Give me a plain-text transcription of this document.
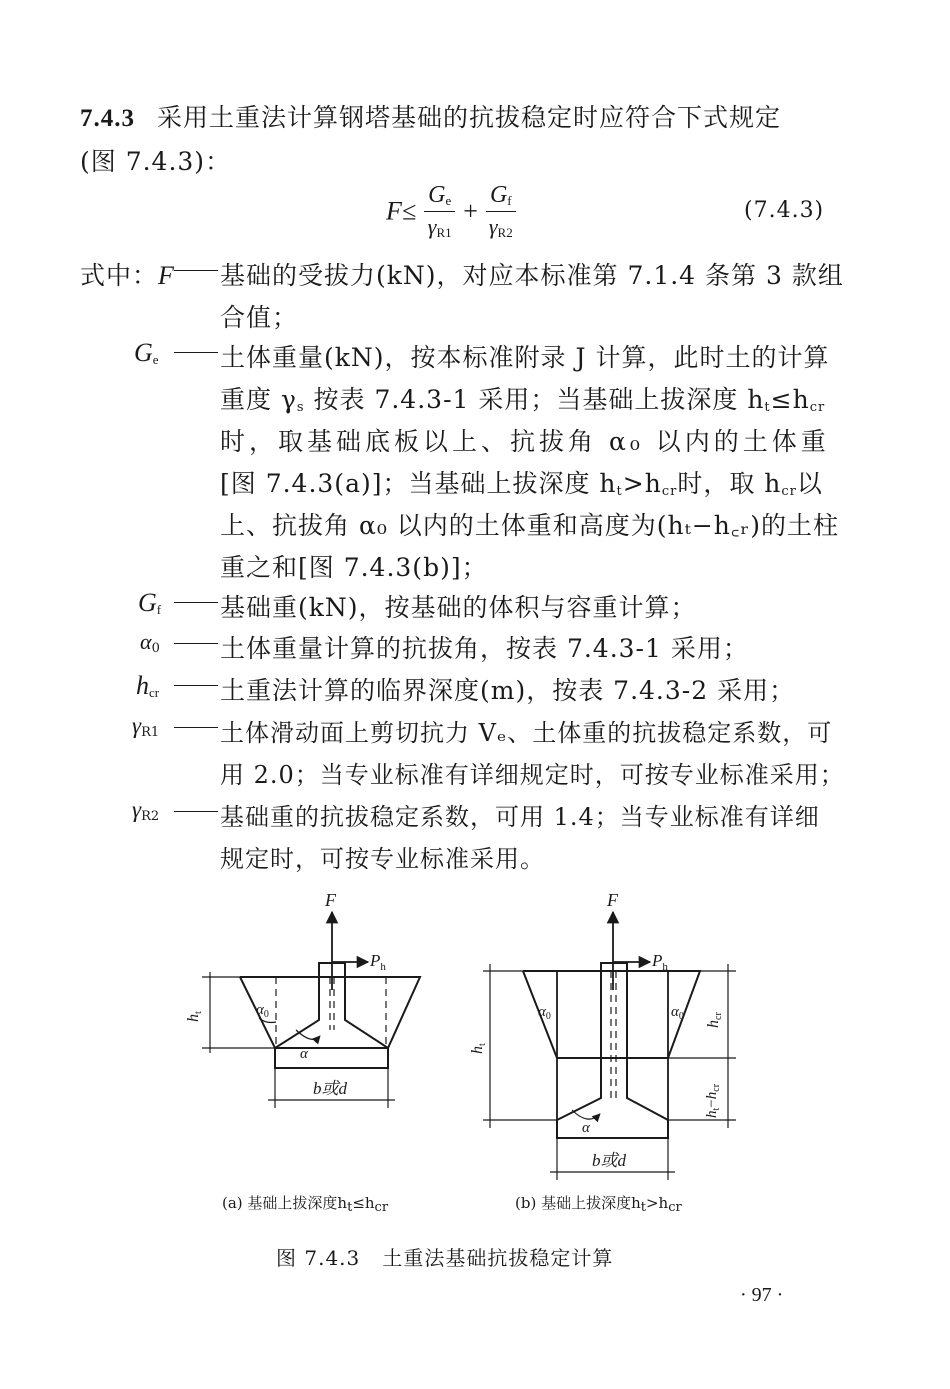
7.4.3 采用土重法计算钢塔基础的抗拔稳定时应符合下式规定
(图 7.4.3)：
$F\le \frac{G_e}{\gamma_{R1}} + \frac{G_f}{\gamma_{R2}}$	(7.4.3)
式中：F 基础的受拔力(kN)，对应本标准第 7.1.4 条第 3 款组
合值；
$G_e$ 土体重量(kN)，按本标准附录 J 计算，此时土的计算
重度 $\gamma_s$ 按表 7.4.3-1 采用；当基础上拔深度 $h_t\le h_{cr}$
时，取基础底板以上、抗拔角 α₀ 以内的土体重
[图 7.4.3(a)]；当基础上拔深度 $h_t>h_{cr}$时，取 $h_{cr}$以
上、抗拔角 α₀ 以内的土体重和高度为(hₜ−h꜀ᵣ)的土柱
重之和[图 7.4.3(b)]；
$G_f$ 基础重(kN)，按基础的体积与容重计算；
$\alpha_0$ 土体重量计算的抗拔角，按表 7.4.3-1 采用；
$h_{cr}$ 土重法计算的临界深度(m)，按表 7.4.3-2 采用；
$\gamma_{R1}$	土体滑动面上剪切抗力 Vₑ、土体重的抗拔稳定系数，可
用 2.0；当专业标准有详细规定时，可按专业标准采用；
$\gamma_{R2}$	基础重的抗拔稳定系数，可用 1.4；当专业标准有详细
规定时，可按专业标准采用。
F
$P_h$
ht	$\alpha_0$
α
b或d
F
$P_h$
ht
$\alpha_0$	$\alpha_0$
α
hcr
$h_t-h_{cr}$
b或d
(a) 基础上拔深度ht≤hcr	(b) 基础上拔深度ht>hcr
图 7.4.3   土重法基础抗拔稳定计算
· 97 ·
